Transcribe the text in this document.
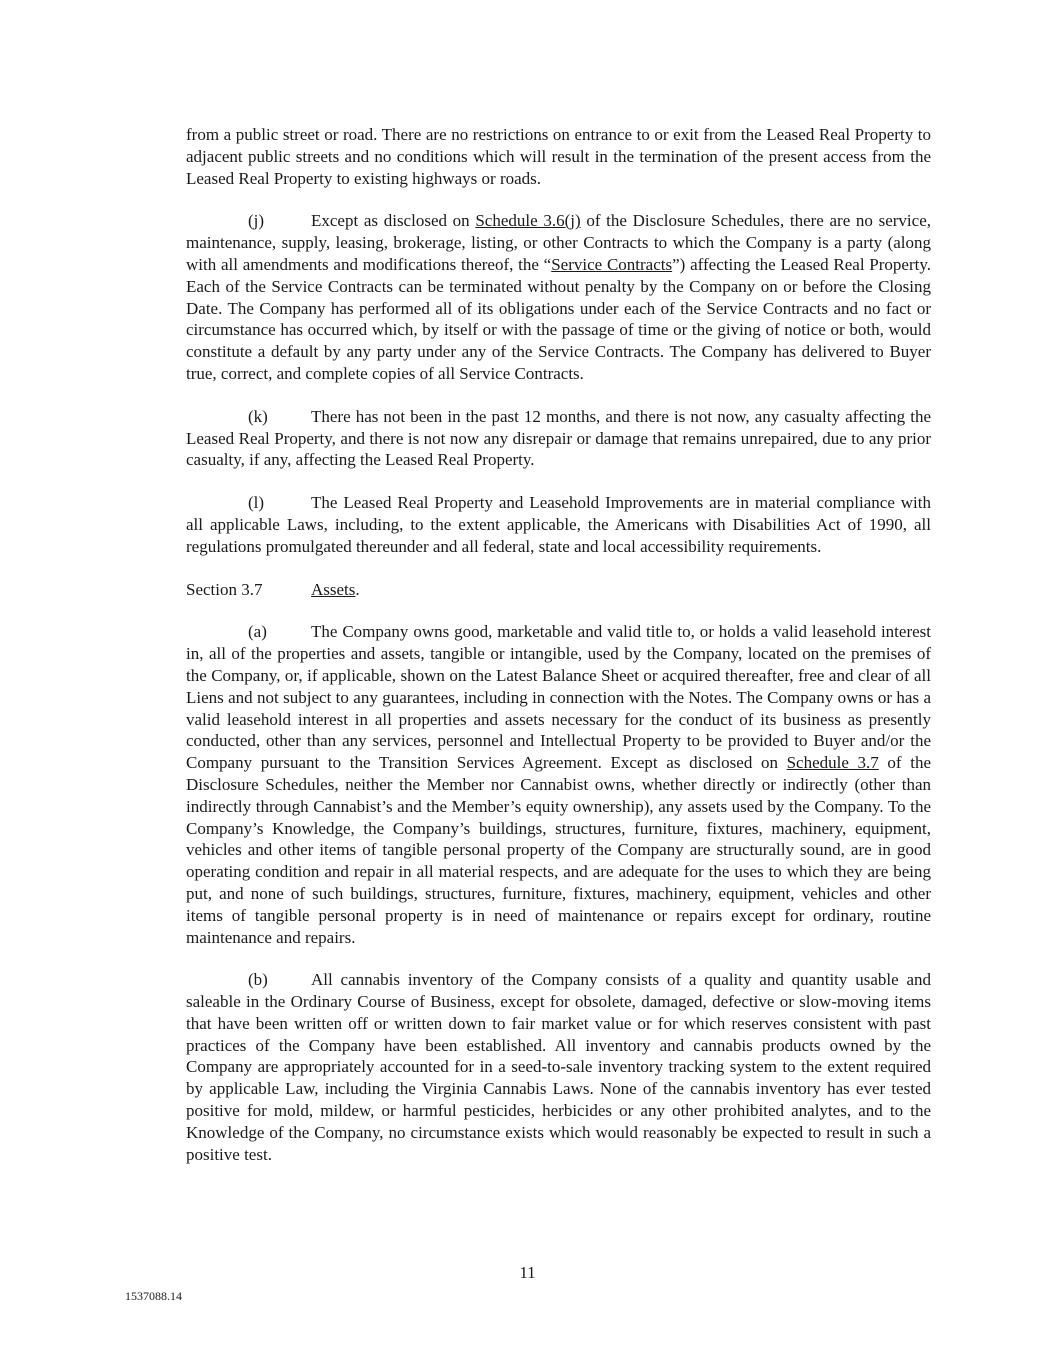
from a public street or road. There are no restrictions on entrance to or exit from the Leased Real Property to adjacent public streets and no conditions which will result in the termination of the present access from the Leased Real Property to existing highways or roads.

(j)	Except as disclosed on Schedule 3.6(j) of the Disclosure Schedules, there are no service, maintenance, supply, leasing, brokerage, listing, or other Contracts to which the Company is a party (along with all amendments and modifications thereof, the “Service Contracts”) affecting the Leased Real Property. Each of the Service Contracts can be terminated without penalty by the Company on or before the Closing Date. The Company has performed all of its obligations under each of the Service Contracts and no fact or circumstance has occurred which, by itself or with the passage of time or the giving of notice or both, would constitute a default by any party under any of the Service Contracts. The Company has delivered to Buyer true, correct, and complete copies of all Service Contracts.

(k)	There has not been in the past 12 months, and there is not now, any casualty affecting the Leased Real Property, and there is not now any disrepair or damage that remains unrepaired, due to any prior casualty, if any, affecting the Leased Real Property.

(l)	The Leased Real Property and Leasehold Improvements are in material compliance with all applicable Laws, including, to the extent applicable, the Americans with Disabilities Act of 1990, all regulations promulgated thereunder and all federal, state and local accessibility requirements.

Section 3.7	Assets.

(a)	The Company owns good, marketable and valid title to, or holds a valid leasehold interest in, all of the properties and assets, tangible or intangible, used by the Company, located on the premises of the Company, or, if applicable, shown on the Latest Balance Sheet or acquired thereafter, free and clear of all Liens and not subject to any guarantees, including in connection with the Notes. The Company owns or has a valid leasehold interest in all properties and assets necessary for the conduct of its business as presently conducted, other than any services, personnel and Intellectual Property to be provided to Buyer and/or the Company pursuant to the Transition Services Agreement. Except as disclosed on Schedule 3.7 of the Disclosure Schedules, neither the Member nor Cannabist owns, whether directly or indirectly (other than indirectly through Cannabist’s and the Member’s equity ownership), any assets used by the Company. To the Company’s Knowledge, the Company’s buildings, structures, furniture, fixtures, machinery, equipment, vehicles and other items of tangible personal property of the Company are structurally sound, are in good operating condition and repair in all material respects, and are adequate for the uses to which they are being put, and none of such buildings, structures, furniture, fixtures, machinery, equipment, vehicles and other items of tangible personal property is in need of maintenance or repairs except for ordinary, routine maintenance and repairs.

(b)	All cannabis inventory of the Company consists of a quality and quantity usable and saleable in the Ordinary Course of Business, except for obsolete, damaged, defective or slow-moving items that have been written off or written down to fair market value or for which reserves consistent with past practices of the Company have been established. All inventory and cannabis products owned by the Company are appropriately accounted for in a seed-to-sale inventory tracking system to the extent required by applicable Law, including the Virginia Cannabis Laws. None of the cannabis inventory has ever tested positive for mold, mildew, or harmful pesticides, herbicides or any other prohibited analytes, and to the Knowledge of the Company, no circumstance exists which would reasonably be expected to result in such a positive test.

11
1537088.14
